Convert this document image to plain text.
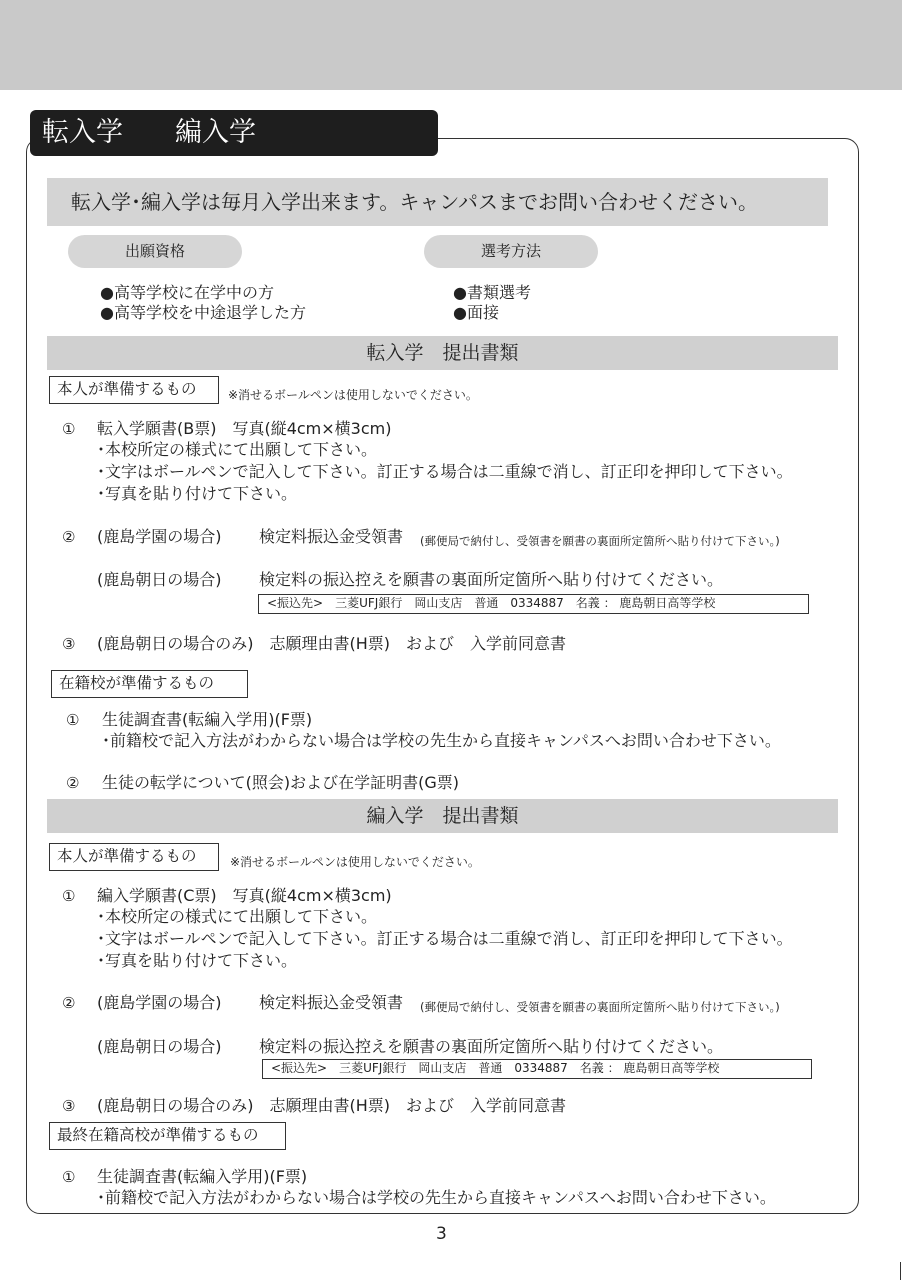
転入学 編入学
転入学･編入学は毎月入学出来ます。キャンパスまでお問い合わせください。
出願資格	選考方法
●高等学校に在学中の方
●高等学校を中途退学した方
●書類選考
●面接
転入学　提出書類
本人が準備するもの	※消せるボールペンは使用しないでください。
① 転入学願書(B票)　写真(縦4cm×横3cm)
･本校所定の様式にて出願して下さい。
･文字はボールペンで記入して下さい。訂正する場合は二重線で消し、訂正印を押印して下さい。
･写真を貼り付けて下さい。
② (鹿島学園の場合) 検定料振込金受領書 (郵便局で納付し、受領書を願書の裏面所定箇所へ貼り付けて下さい。)
(鹿島朝日の場合) 検定料の振込控えを願書の裏面所定箇所へ貼り付けてください。
<振込先>　三菱UFJ銀行　岡山支店　普通　0334887　名義 ： 鹿島朝日高等学校
③ (鹿島朝日の場合のみ)　志願理由書(H票)　および　入学前同意書
在籍校が準備するもの
① 生徒調査書(転編入学用)(F票)
･前籍校で記入方法がわからない場合は学校の先生から直接キャンパスへお問い合わせ下さい。
② 生徒の転学について(照会)および在学証明書(G票)
編入学　提出書類
本人が準備するもの	※消せるボールペンは使用しないでください。
① 編入学願書(C票)　写真(縦4cm×横3cm)
･本校所定の様式にて出願して下さい。
･文字はボールペンで記入して下さい。訂正する場合は二重線で消し、訂正印を押印して下さい。
･写真を貼り付けて下さい。
② (鹿島学園の場合) 検定料振込金受領書 (郵便局で納付し、受領書を願書の裏面所定箇所へ貼り付けて下さい。)
(鹿島朝日の場合) 検定料の振込控えを願書の裏面所定箇所へ貼り付けてください。
<振込先>　三菱UFJ銀行　岡山支店　普通　0334887　名義 ： 鹿島朝日高等学校
③ (鹿島朝日の場合のみ)　志願理由書(H票)　および　入学前同意書
最終在籍高校が準備するもの
① 生徒調査書(転編入学用)(F票)
･前籍校で記入方法がわからない場合は学校の先生から直接キャンパスへお問い合わせ下さい。
3
